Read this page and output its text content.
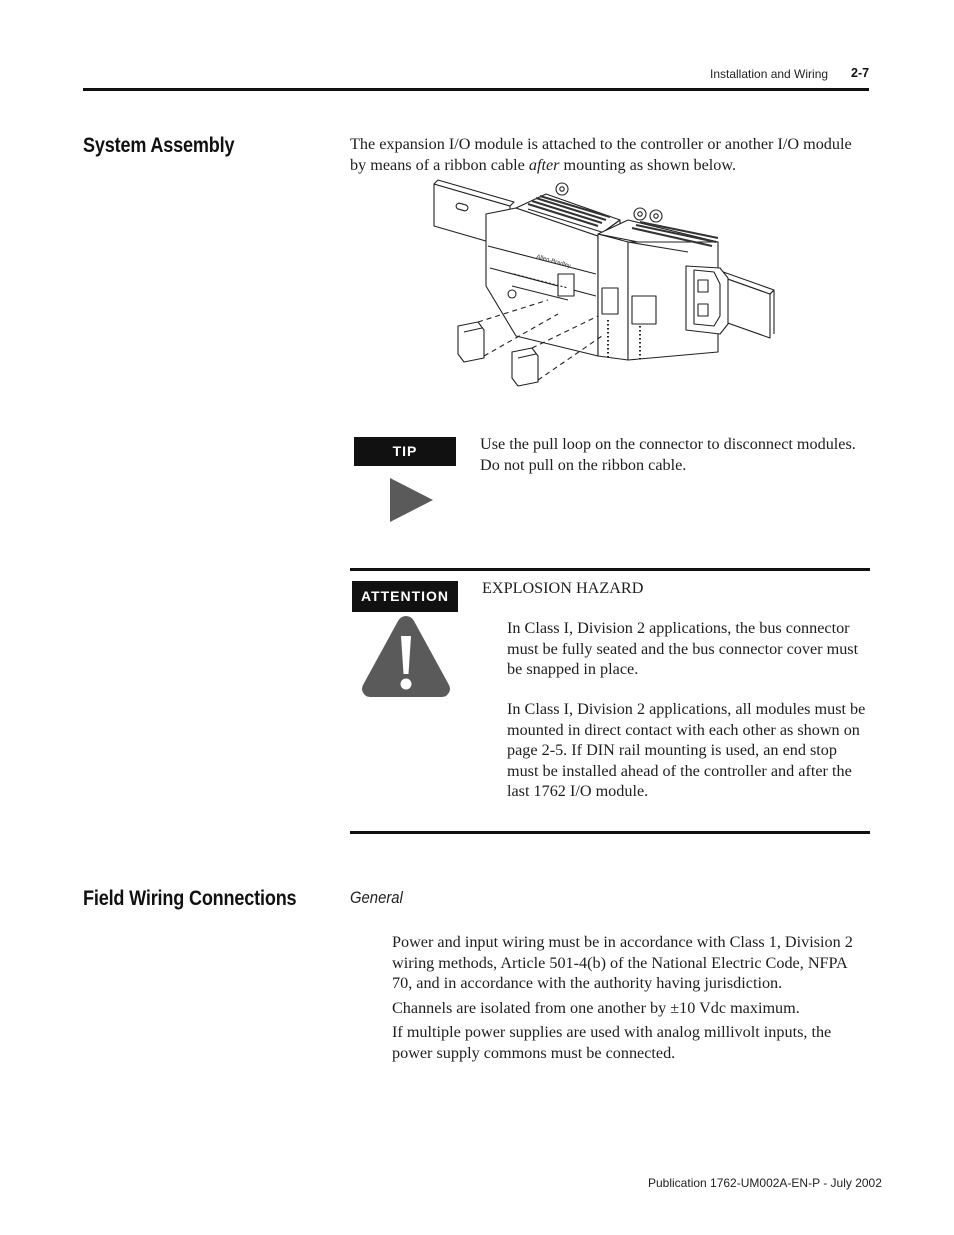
Installation and Wiring 2-7
System Assembly	The expansion I/O module is attached to the controller or another I/O module by means of a ribbon cable after mounting as shown below.
Allen-Bradley
TIP	Use the pull loop on the connector to disconnect modules. Do not pull on the ribbon cable.
ATTENTION	EXPLOSION HAZARD
In Class I, Division 2 applications, the bus connector must be fully seated and the bus connector cover must be snapped in place.
In Class I, Division 2 applications, all modules must be mounted in direct contact with each other as shown on page 2-5. If DIN rail mounting is used, an end stop must be installed ahead of the controller and after the last 1762 I/O module.
Field Wiring Connections	General

Power and input wiring must be in accordance with Class 1, Division 2 wiring methods, Article 501-4(b) of the National Electric Code, NFPA 70, and in accordance with the authority having jurisdiction.

Channels are isolated from one another by ±10 Vdc maximum.

If multiple power supplies are used with analog millivolt inputs, the power supply commons must be connected.

Publication 1762-UM002A-EN-P - July 2002
